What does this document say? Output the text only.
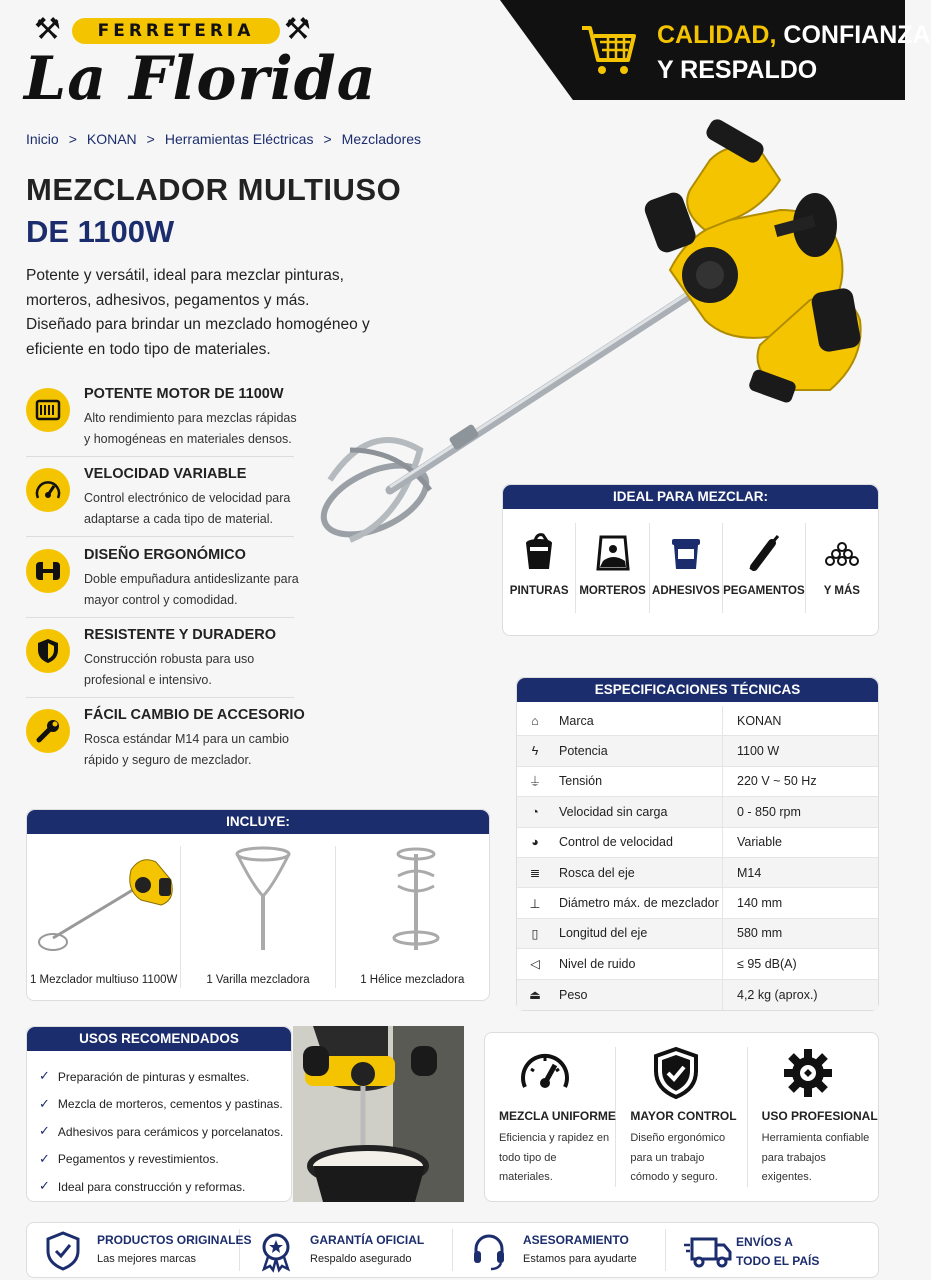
⚒	FERRETERIA ⚒
La Florida
CALIDAD, CONFIANZA
Y RESPALDO
Inicio > KONAN > Herramientas Eléctricas > Mezcladores
MEZCLADOR MULTIUSO
DE 1100W
Potente y versátil, ideal para mezclar pinturas, morteros, adhesivos, pegamentos y más. Diseñado para brindar un mezclado homogéneo y eficiente en todo tipo de materiales.
POTENTE MOTOR DE 1100W

Alto rendimiento para mezclas rápidas y homogéneas en materiales densos.

VELOCIDAD VARIABLE

Control electrónico de velocidad para adaptarse a cada tipo de material.

DISEÑO ERGONÓMICO

Doble empuñadura antideslizante para mayor control y comodidad.

RESISTENTE Y DURADERO

Construcción robusta para uso profesional e intensivo.

FÁCIL CAMBIO DE ACCESORIO

Rosca estándar M14 para un cambio rápido y seguro de mezclador.

IDEAL PARA MEZCLAR:
PINTURAS MORTEROS ADHESIVOS PEGAMENTOS	Y MÁS
ESPECIFICACIONES TÉCNICAS
⌂	Marca	KONAN
ϟ	Potencia	1100 W
⏚	Tensión	220 V ~ 50 Hz
◔	Velocidad sin carga	0 - 850 rpm
◕	Control de velocidad	Variable
≣	Rosca del eje	M14
⊥	Diámetro máx. de mezclador	140 mm
▯	Longitud del eje	580 mm
◁	Nivel de ruido	≤ 95 dB(A)
⏏	Peso	4,2 kg (aprox.)
INCLUYE:
1 Mezclador multiuso 1100W	1 Varilla mezcladora	1 Hélice mezcladora
USOS RECOMENDADOS
✓ Preparación de pinturas y esmaltes.
✓ Mezcla de morteros, cementos y pastinas.
✓ Adhesivos para cerámicos y porcelanatos.
✓ Pegamentos y revestimientos.
✓ Ideal para construcción y reformas.
MEZCLA UNIFORME

Eficiencia y rapidez en todo tipo de materiales.

MAYOR CONTROL

Diseño ergonómico para un trabajo cómodo y seguro.

USO PROFESIONAL

Herramienta confiable para trabajos exigentes.

PRODUCTOS ORIGINALES

Las mejores marcas

GARANTÍA OFICIAL

Respaldo asegurado

ASESORAMIENTO

Estamos para ayudarte

ENVÍOS A TODO EL PAÍS
